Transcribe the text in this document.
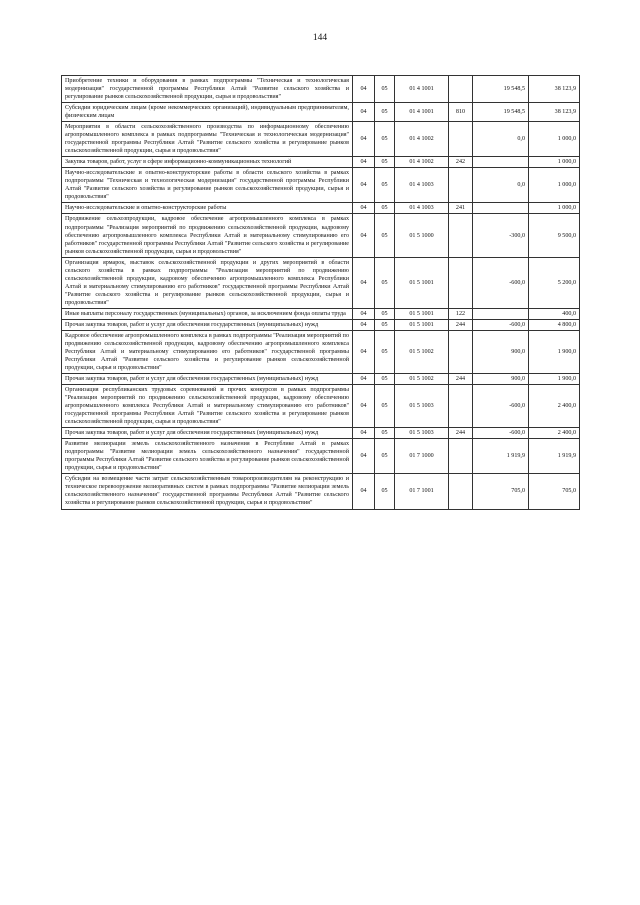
144
Приобретение техники и оборудования в рамках подпрограммы "Техническая и технологическая модернизация" государственной программы Республики Алтай "Развитие сельского хозяйства и регулирование рынков сельскохозяйственной продукции, сырья и продовольствия"	04	05	01 4 1001		19 548,5	38 123,9
Субсидии юридическим лицам (кроме некоммерческих организаций), индивидуальным предпринимателям, физическим лицам	04	05	01 4 1001	810	19 548,5	38 123,9
Мероприятия в области сельскохозяйственного производства по информационному обеспечению агропромышленного комплекса в рамках подпрограммы "Техническая и технологическая модернизация" государственной программы Республики Алтай "Развитие сельского хозяйства и регулирование рынков сельскохозяйственной продукции, сырья и продовольствия"	04	05	01 4 1002		0,0	1 000,0
Закупка товаров, работ, услуг в сфере информационно-коммуникационных технологий	04	05	01 4 1002	242		1 000,0
Научно-исследовательские и опытно-конструкторские работы в области сельского хозяйства в рамках подпрограммы "Техническая и технологическая модернизация" государственной программы Республики Алтай "Развитие сельского хозяйства и регулирование рынков сельскохозяйственной продукции, сырья и продовольствия"	04	05	01 4 1003		0,0	1 000,0
Научно-исследовательские и опытно-конструкторские работы	04	05	01 4 1003	241		1 000,0
Продвижение сельхозпродукции, кадровое обеспечение агропромышленного комплекса в рамках подпрограммы "Реализация мероприятий по продвижению сельскохозяйственной продукции, кадровому обеспечению агропромышленного комплекса Республики Алтай и материальному стимулированию его работников" государственной программы Республики Алтай "Развитие сельского хозяйства и регулирование рынков сельскохозяйственной продукции, сырья и продовольствия"	04	05	01 5 1000		-300,0	9 500,0
Организация ярмарок, выставок сельскохозяйственной продукции и других мероприятий в области сельского хозяйства в рамках подпрограммы "Реализация мероприятий по продвижению сельскохозяйственной продукции, кадровому обеспечению агропромышленного комплекса Республики Алтай и материальному стимулированию его работников" государственной программы Республики Алтай "Развитие сельского хозяйства и регулирование рынков сельскохозяйственной продукции, сырья и продовольствия"	04	05	01 5 1001		-600,0	5 200,0
Иные выплаты персоналу государственных (муниципальных) органов, за исключением фонда оплаты труда	04	05	01 5 1001	122		400,0
Прочая закупка товаров, работ и услуг для обеспечения государственных (муниципальных) нужд	04	05	01 5 1001	244	-600,0	4 800,0
Кадровое обеспечение агропромышленного комплекса в рамках подпрограммы "Реализация мероприятий по продвижению сельскохозяйственной продукции, кадровому обеспечению агропромышленного комплекса Республики Алтай и материальному стимулированию его работников" государственной программы Республики Алтай "Развитие сельского хозяйства и регулирование рынков сельскохозяйственной продукции, сырья и продовольствия"	04	05	01 5 1002		900,0	1 900,0
Прочая закупка товаров, работ и услуг для обеспечения государственных (муниципальных) нужд	04	05	01 5 1002	244	900,0	1 900,0
Организация республиканских трудовых соревнований и прочих конкурсов в рамках подпрограммы "Реализация мероприятий по продвижению сельскохозяйственной продукции, кадровому обеспечению агропромышленного комплекса Республики Алтай и материальному стимулированию его работников" государственной программы Республики Алтай "Развитие сельского хозяйства и регулирование рынков сельскохозяйственной продукции, сырья и продовольствия"	04	05	01 5 1003		-600,0	2 400,0
Прочая закупка товаров, работ и услуг для обеспечения государственных (муниципальных) нужд	04	05	01 5 1003	244	-600,0	2 400,0
Развитие мелиорации земель сельскохозяйственного назначения в Республике Алтай в рамках подпрограммы "Развитие мелиорации земель сельскохозяйственного назначения" государственной программы Республики Алтай "Развитие сельского хозяйства и регулирование рынков сельскохозяйственной продукции, сырья и продовольствия"	04	05	01 7 1000		1 919,9	1 919,9
Субсидии на возмещение части затрат сельскохозяйственным товаропроизводителям на реконструкцию и техническое перевооружение мелиоративных систем в рамках подпрограммы "Развитие мелиорации земель сельскохозяйственного назначения" государственной программы Республики Алтай "Развитие сельского хозяйства и регулирование рынков сельскохозяйственной продукции, сырья и продовольствия"	04	05	01 7 1001		705,0	705,0
